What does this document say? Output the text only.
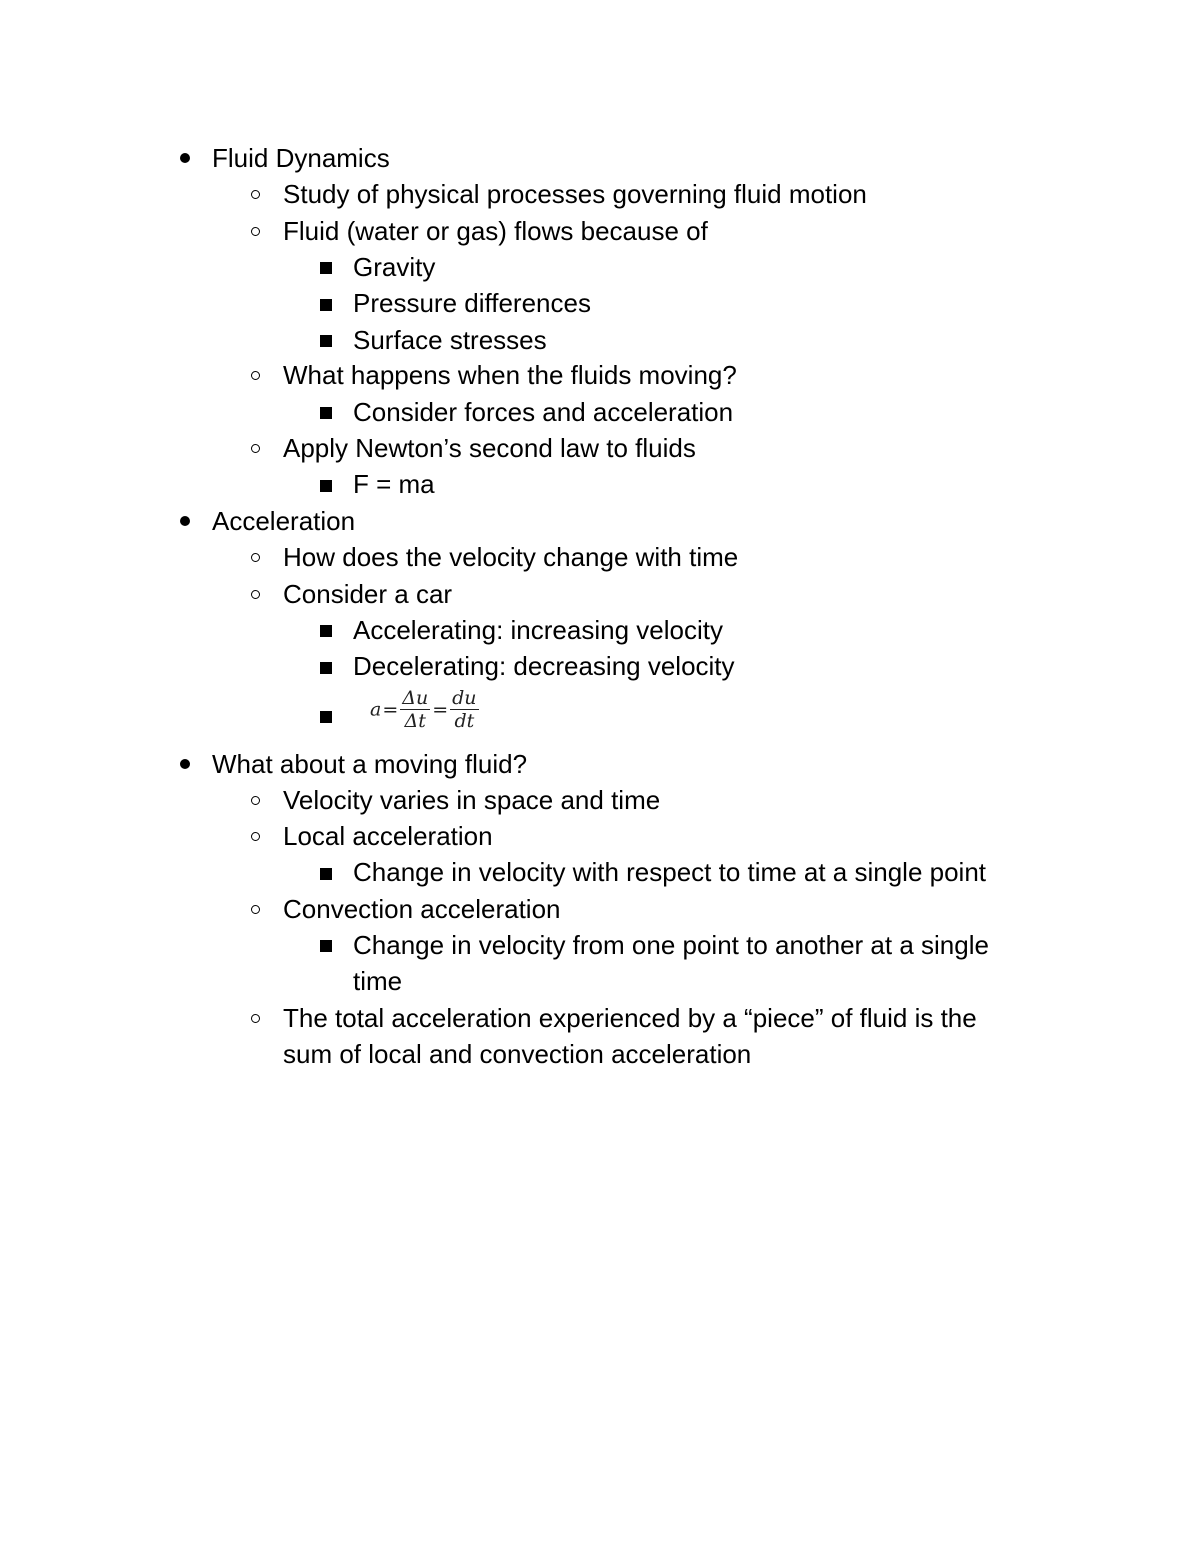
Fluid Dynamics
Study of physical processes governing fluid motion
Fluid (water or gas) flows because of
Gravity
Pressure differences
Surface stresses
What happens when the fluids moving?
Consider forces and acceleration
Apply Newton’s second law to fluids
F = ma
Acceleration
How does the velocity change with time
Consider a car
Accelerating: increasing velocity
Decelerating: decreasing velocity
$a= \frac{\Delta u}{\Delta t} = \frac{du}{dt}$
What about a moving fluid?
Velocity varies in space and time
Local acceleration
Change in velocity with respect to time at a single point
Convection acceleration
Change in velocity from one point to another at a single
time
The total acceleration experienced by a “piece” of fluid is the
sum of local and convection acceleration
